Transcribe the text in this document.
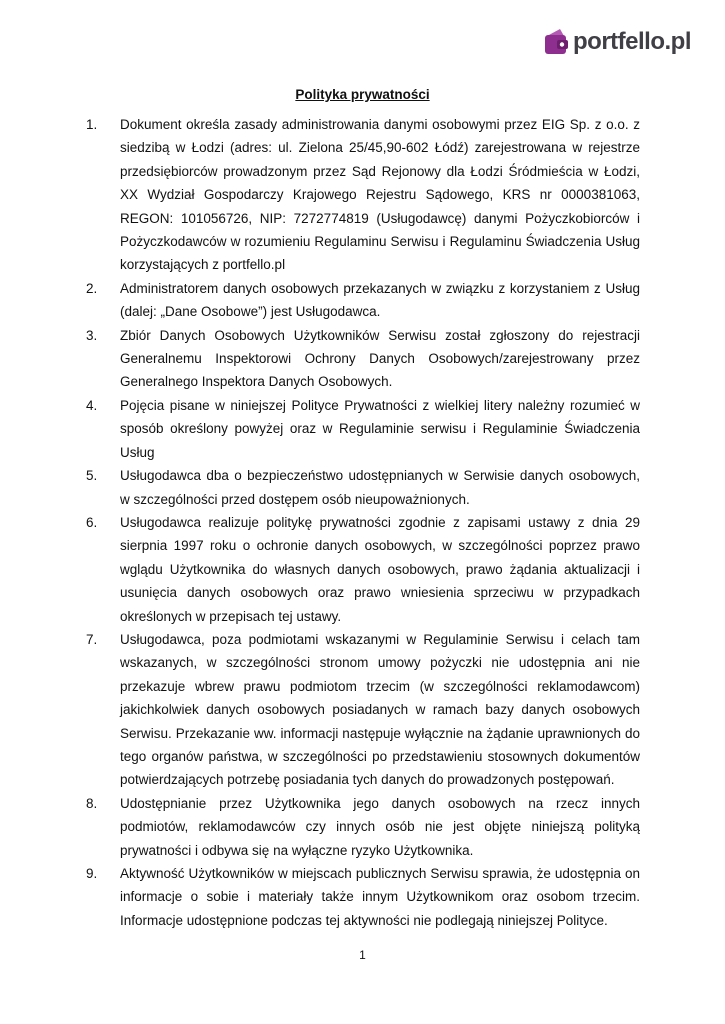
portfello.pl
Polityka prywatności
1. Dokument określa zasady administrowania danymi osobowymi przez EIG Sp. z o.o. z siedzibą w Łodzi (adres: ul. Zielona 25/45,90-602 Łódź) zarejestrowana w rejestrze przedsiębiorców prowadzonym przez Sąd Rejonowy dla Łodzi Śródmieścia w Łodzi, XX Wydział Gospodarczy Krajowego Rejestru Sądowego, KRS nr 0000381063, REGON: 101056726, NIP: 7272774819 (Usługodawcę) danymi Pożyczkobiorców i Pożyczkodawców w rozumieniu Regulaminu Serwisu i Regulaminu Świadczenia Usług korzystających z portfello.pl
2. Administratorem danych osobowych przekazanych w związku z korzystaniem z Usług (dalej: „Dane Osobowe”) jest Usługodawca.
3. Zbiór Danych Osobowych Użytkowników Serwisu został zgłoszony do rejestracji Generalnemu Inspektorowi Ochrony Danych Osobowych/zarejestrowany przez Generalnego Inspektora Danych Osobowych.
4. Pojęcia pisane w niniejszej Polityce Prywatności z wielkiej litery należny rozumieć w sposób określony powyżej oraz w Regulaminie serwisu i Regulaminie Świadczenia Usług
5. Usługodawca dba o bezpieczeństwo udostępnianych w Serwisie danych osobowych, w szczególności przed dostępem osób nieupoważnionych.
6. Usługodawca realizuje politykę prywatności zgodnie z zapisami ustawy z dnia 29 sierpnia 1997 roku o ochronie danych osobowych, w szczególności poprzez prawo wglądu Użytkownika do własnych danych osobowych, prawo żądania aktualizacji i usunięcia danych osobowych oraz prawo wniesienia sprzeciwu w przypadkach określonych w przepisach tej ustawy.
7. Usługodawca, poza podmiotami wskazanymi w Regulaminie Serwisu i celach tam wskazanych, w szczególności stronom umowy pożyczki nie udostępnia ani nie przekazuje wbrew prawu podmiotom trzecim (w szczególności reklamodawcom) jakichkolwiek danych osobowych posiadanych w ramach bazy danych osobowych Serwisu. Przekazanie ww. informacji następuje wyłącznie na żądanie uprawnionych do tego organów państwa, w szczególności po przedstawieniu stosownych dokumentów potwierdzających potrzebę posiadania tych danych do prowadzonych postępowań.
8. Udostępnianie przez Użytkownika jego danych osobowych na rzecz innych podmiotów, reklamodawców czy innych osób nie jest objęte niniejszą polityką prywatności i odbywa się na wyłączne ryzyko Użytkownika.
9. Aktywność Użytkowników w miejscach publicznych Serwisu sprawia, że udostępnia on informacje o sobie i materiały także innym Użytkownikom oraz osobom trzecim. Informacje udostępnione podczas tej aktywności nie podlegają niniejszej Polityce.
1
